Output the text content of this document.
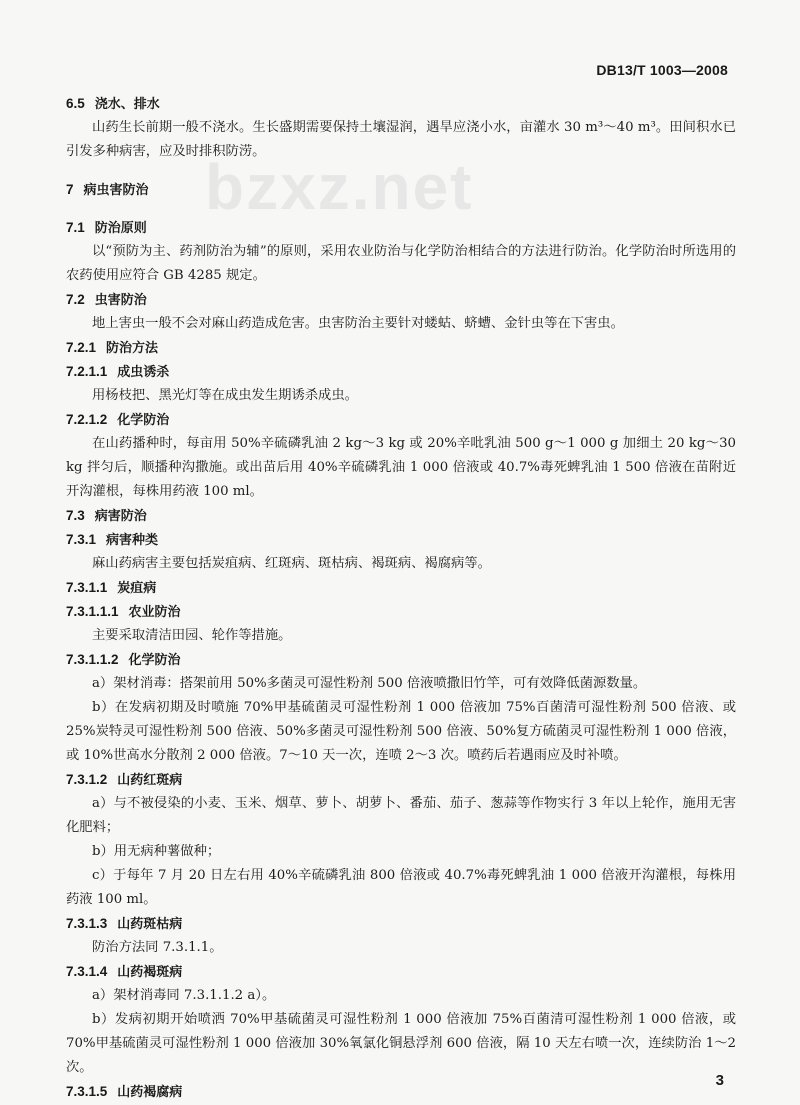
DB13/T 1003—2008
bzxz.net
6.5 浇水、排水
山药生长前期一般不浇水。生长盛期需要保持土壤湿润，遇旱应浇小水，亩灌水 30 m³～40 m³。田间积水已引发多种病害，应及时排积防涝。
7 病虫害防治
7.1 防治原则
以“预防为主、药剂防治为辅”的原则，采用农业防治与化学防治相结合的方法进行防治。化学防治时所选用的农药使用应符合 GB 4285 规定。
7.2 虫害防治
地上害虫一般不会对麻山药造成危害。虫害防治主要针对蝼蛄、蛴螬、金针虫等在下害虫。
7.2.1 防治方法
7.2.1.1 成虫诱杀
用杨枝把、黑光灯等在成虫发生期诱杀成虫。
7.2.1.2 化学防治
在山药播种时，每亩用 50%辛硫磷乳油 2 kg～3 kg 或 20%辛吡乳油 500 g～1 000 g 加细土 20 kg～30 kg 拌匀后，顺播种沟撒施。或出苗后用 40%辛硫磷乳油 1 000 倍液或 40.7%毒死蜱乳油 1 500 倍液在苗附近开沟灌根，每株用药液 100 ml。
7.3 病害防治
7.3.1 病害种类
麻山药病害主要包括炭疽病、红斑病、斑枯病、褐斑病、褐腐病等。
7.3.1.1 炭疽病
7.3.1.1.1 农业防治
主要采取清洁田园、轮作等措施。
7.3.1.1.2 化学防治
a）架材消毒：搭架前用 50%多菌灵可湿性粉剂 500 倍液喷撒旧竹竿，可有效降低菌源数量。
b）在发病初期及时喷施 70%甲基硫菌灵可湿性粉剂 1 000 倍液加 75%百菌清可湿性粉剂 500 倍液、或 25%炭特灵可湿性粉剂 500 倍液、50%多菌灵可湿性粉剂 500 倍液、50%复方硫菌灵可湿性粉剂 1 000 倍液，或 10%世高水分散剂 2 000 倍液。7～10 天一次，连喷 2～3 次。喷药后若遇雨应及时补喷。
7.3.1.2 山药红斑病
a）与不被侵染的小麦、玉米、烟草、萝卜、胡萝卜、番茄、茄子、葱蒜等作物实行 3 年以上轮作，施用无害化肥料；
b）用无病种薯做种；
c）于每年 7 月 20 日左右用 40%辛硫磷乳油 800 倍液或 40.7%毒死蜱乳油 1 000 倍液开沟灌根，每株用药液 100 ml。
7.3.1.3 山药斑枯病
防治方法同 7.3.1.1。
7.3.1.4 山药褐斑病
a）架材消毒同 7.3.1.1.2 a）。
b）发病初期开始喷洒 70%甲基硫菌灵可湿性粉剂 1 000 倍液加 75%百菌清可湿性粉剂 1 000 倍液，或 70%甲基硫菌灵可湿性粉剂 1 000 倍液加 30%氧氯化铜悬浮剂 600 倍液，隔 10 天左右喷一次，连续防治 1～2 次。
7.3.1.5 山药褐腐病
3
